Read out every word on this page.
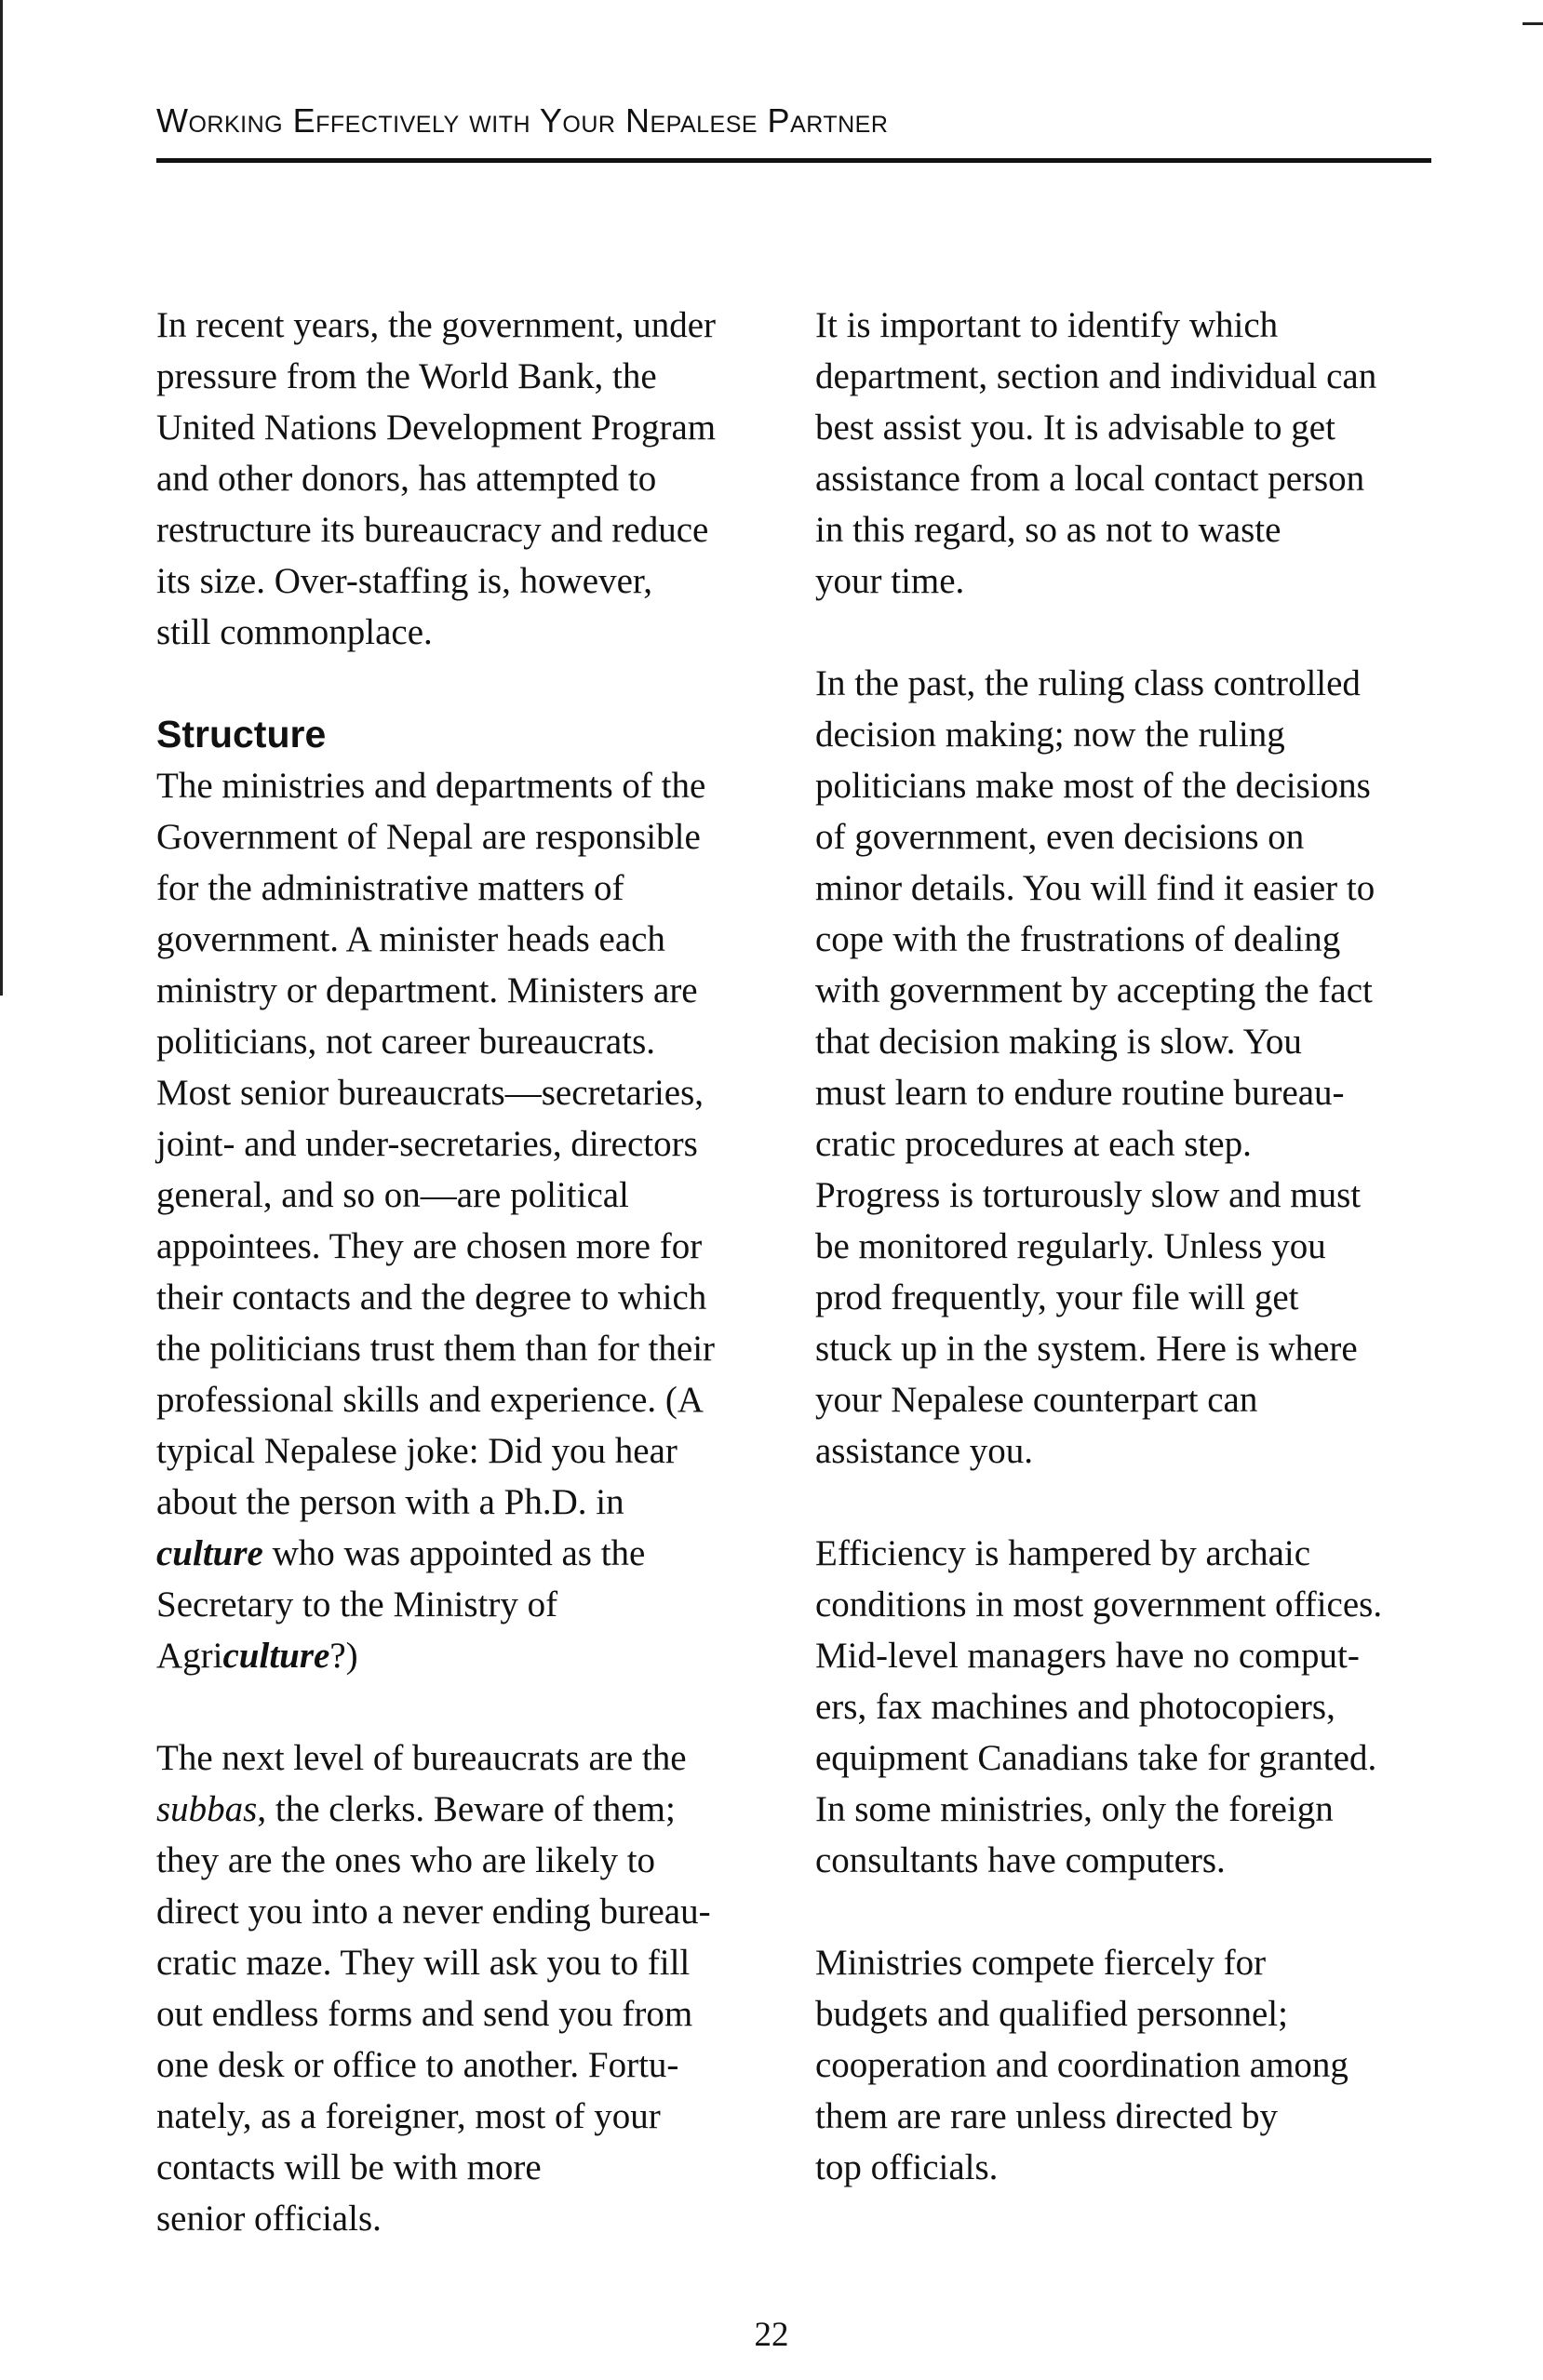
Working Effectively with Your Nepalese Partner

In recent years, the government, under
pressure from the World Bank, the
United Nations Development Program
and other donors, has attempted to
restructure its bureaucracy and reduce
its size. Over-staffing is, however,
still commonplace.

Structure

The ministries and departments of the
Government of Nepal are responsible
for the administrative matters of
government. A minister heads each
ministry or department. Ministers are
politicians, not career bureaucrats.
Most senior bureaucrats—secretaries,
joint- and under-secretaries, directors
general, and so on—are political
appointees. They are chosen more for
their contacts and the degree to which
the politicians trust them than for their
professional skills and experience. (A
typical Nepalese joke: Did you hear
about the person with a Ph.D. in
culture who was appointed as the
Secretary to the Ministry of
Agriculture?)

The next level of bureaucrats are the
subbas, the clerks. Beware of them;
they are the ones who are likely to
direct you into a never ending bureau-
cratic maze. They will ask you to fill
out endless forms and send you from
one desk or office to another. Fortu-
nately, as a foreigner, most of your
contacts will be with more
senior officials.

It is important to identify which
department, section and individual can
best assist you. It is advisable to get
assistance from a local contact person
in this regard, so as not to waste
your time.

In the past, the ruling class controlled
decision making; now the ruling
politicians make most of the decisions
of government, even decisions on
minor details. You will find it easier to
cope with the frustrations of dealing
with government by accepting the fact
that decision making is slow. You
must learn to endure routine bureau-
cratic procedures at each step.
Progress is torturously slow and must
be monitored regularly. Unless you
prod frequently, your file will get
stuck up in the system. Here is where
your Nepalese counterpart can
assistance you.

Efficiency is hampered by archaic
conditions in most government offices.
Mid-level managers have no comput-
ers, fax machines and photocopiers,
equipment Canadians take for granted.
In some ministries, only the foreign
consultants have computers.

Ministries compete fiercely for
budgets and qualified personnel;
cooperation and coordination among
them are rare unless directed by
top officials.

22
